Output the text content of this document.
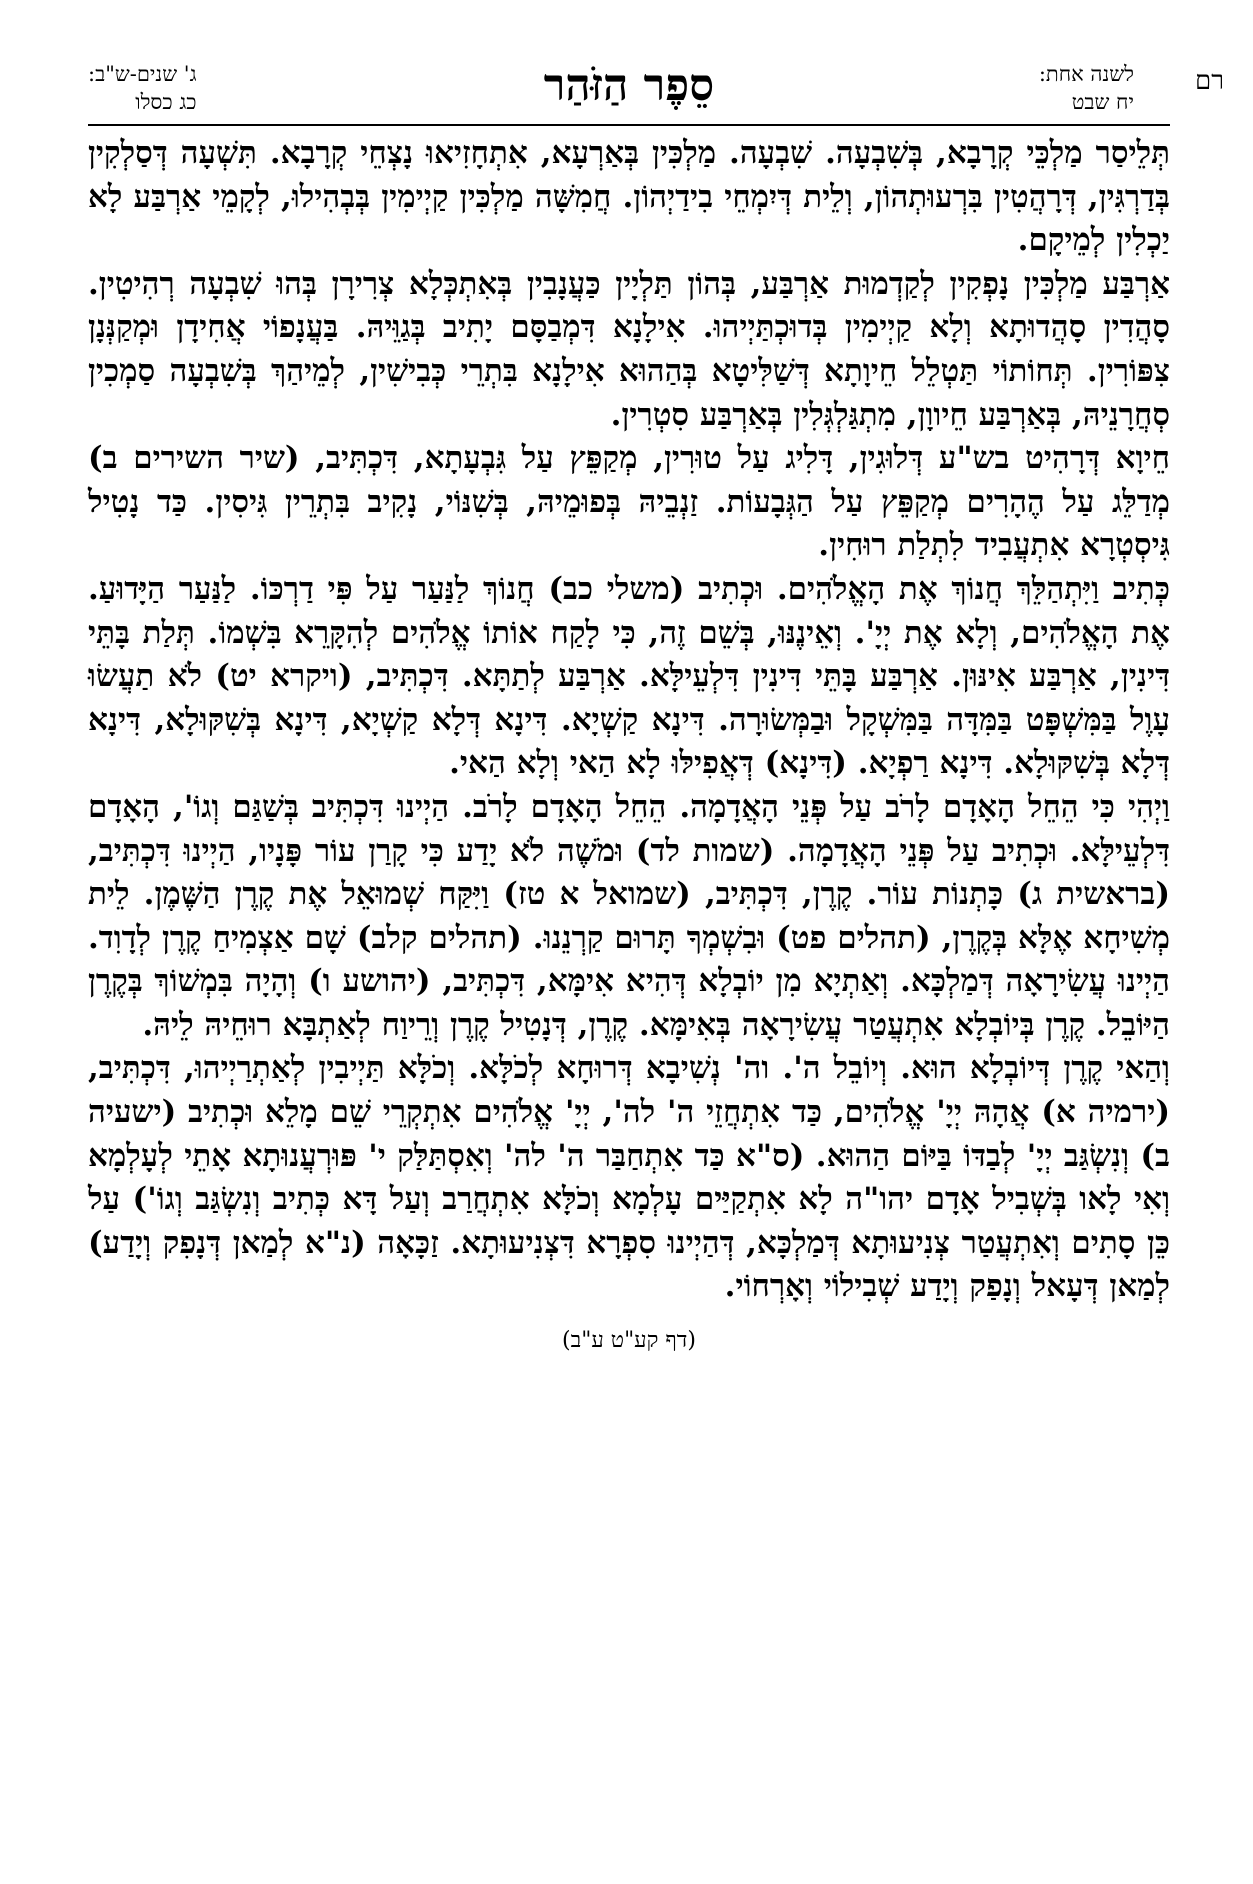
רם
לשנה אחת:
יח שבט
סֵפֶר הַזֹּהַר
ג' שנים-ש"ב:
כג כסלו

תְּלֵיסַר מַלְכֵּי קְרָבָא, בְּשִׁבְעָה. שִׁבְעָה. מַלְכִּין בְּאַרְעָא, אִתְחָזִיאוּ נָצְחֵי קְרָבָא. תִּשְׁעָה דְּסַלְקִין בְּדַרְגִּין, דְּרָהֲטִין בִּרְעוּתְהוֹן, וְלֵית דְּיִמְחֵי בִידַיְהוֹן. חֲמִשָּׁה מַלְכִּין קַיְימִין בְּבְהִילוּ, לְקָמֵי אַרְבַּע לָא יַכְלִין לְמֵיקָם.

אַרְבַּע מַלְכִּין נָפְקִין לְקַדְמוּת אַרְבַּע, בְּהוֹן תַּלְיָין כַּעֲנָבִין בְּאִתְכְּלָא צְרִירָן בְּהוּ שִׁבְעָה רְהִיטִין. סָהֲדִין סָהֲדוּתָא וְלָא קַיְימִין בְּדוּכְתַּיְיהוּ. אִילָנָא דִּמְבַסָּם יָתִיב בְּגַוֵּיהּ. בַּעֲנָפוֹי אֲחִידָן וּמְקַנְּנָן צִפּוֹרִין. תְּחוֹתוֹי תַּטְלֵל חֵיוָתָא דְּשַׁלִּיטָא בְּהַהוּא אִילָנָא בִּתְרֵי כְּבִישִׁין, לְמֵיהַךְ בְּשִׁבְעָה סַמְכִין סְחֲרָנֵיהּ, בְּאַרְבַּע חֵיווָן, מִתְגַּלְגְּלִין בְּאַרְבַּע סִטְרִין.

חֵיוָא דְּרָהִיט בש"ע דְּלוּגִין, דָּלִיג עַל טוּרִין, מְקַפֵּץ עַל גִּבְעָתָא, דִּכְתִּיב, (שיר השירים ב) מְדַלֵּג עַל הֶהָרִים מְקַפֵּץ עַל הַגְּבָעוֹת. זַנְבֵיהּ בְּפוּמֵיהּ, בְּשִׁנּוֹי, נָקִיב בִּתְרֵין גִּיסִין. כַּד נָטִיל גִּיסְטְרָא אִתְעֲבִיד לִתְלַת רוּחִין.

כְּתִיב וַיִּתְהַלֵּךְ חֲנוֹךְ אֶת הָאֱלֹהִים. וּכְתִיב (משלי כב) חֲנוֹךְ לַנַּעַר עַל פִּי דַרְכּוֹ. לַנַּעַר הַיָּדוּעַ. אֶת הָאֱלֹהִים, וְלָא אֶת יְיָ'. וְאֵינֶנּוּ, בְּשֵׁם זֶה, כִּי לָקַח אוֹתוֹ אֱלֹהִים לְהִקָּרֵא בִּשְׁמוֹ. תְּלַת בָּתֵּי דִּינִין, אַרְבַּע אִינּוּן. אַרְבַּע בָּתֵּי דִּינִין דִּלְעֵילָּא. אַרְבַּע לְתַתָּא. דִּכְתִּיב, (ויקרא יט) לֹא תַעֲשׂוּ עָוֶל בַּמִּשְׁפָּט בַּמִּדָּה בַּמִּשְׁקָל וּבַמְּשׂוּרָה. דִּינָא קַשְׁיָא. דִּינָא דְּלָא קַשְׁיָא, דִּינָא בְּשִׁקּוּלָא, דִּינָא דְּלָא בְּשִׁקּוּלָא. דִּינָא רַפְיָא. (דִּינָא) דְּאֲפִילּוּ לָא הַאי וְלָא הַאי.

וַיְהִי כִּי הֵחֵל הָאָדָם לָרֹב עַל פְּנֵי הָאֲדָמָה. הֵחֵל הָאָדָם לָרֹב. הַיְינוּ דִּכְתִּיב בְּשַׁגַּם וְגוֹ', הָאָדָם דִּלְעֵילָּא. וּכְתִיב עַל פְּנֵי הָאֲדָמָה. (שמות לד) וּמֹשֶׁה לֹא יָדַע כִּי קָרַן עוֹר פָּנָיו, הַיְינוּ דִּכְתִּיב, (בראשית ג) כָּתְנוֹת עוֹר. קֶרֶן, דִּכְתִּיב, (שמואל א טז) וַיִּקַּח שְׁמוּאֵל אֶת קֶרֶן הַשֶּׁמֶן. לֵית מְשִׁיחָא אֶלָּא בְּקֶרֶן, (תהלים פט) וּבִשְׁמְךָ תָּרוּם קַרְנֵנוּ. (תהלים קלב) שָׁם אַצְמִיחַ קֶרֶן לְדָוִד. הַיְינוּ עֲשִׂירָאָה דְּמַלְכָּא. וְאַתְיָא מִן יוֹבְלָא דְּהִיא אִימָּא, דִּכְתִּיב, (יהושע ו) וְהָיָה בִּמְשׁוֹךְ בְּקֶרֶן הַיּוֹבֵל. קֶרֶן בְּיוֹבְלָא אִתְעֲטַר עֲשִׂירָאָה בְּאִימָּא. קֶרֶן, דְּנָטִיל קֶרֶן וְרֵיוַח לְאַתְבָּא רוּחֵיהּ לֵיהּ.

וְהַאי קֶרֶן דְּיוֹבְלָא הוּא. וְיוֹבֵל ה'. וה' נְשִׁיבָא דְּרוּחָא לְכֹלָּא. וְכֹלָּא תַּיְיבִין לְאַתְרַיְיהוּ, דִּכְתִּיב, (ירמיה א) אֲהָהּ יְיָ' אֱלֹהִים, כַּד אִתְחֲזֵי ה' לה', יְיָ' אֱלֹהִים אִתְקְרֵי שֵׁם מָלֵא וּכְתִיב (ישעיה ב) וְנִשְׂגַּב יְיָ' לְבַדּוֹ בַּיּוֹם הַהוּא. (ס"א כַּד אִתְחַבַּר ה' לה' וְאִסְתַּלַּק י' פּוּרְעֲנוּתָא אָתֵי לְעָלְמָא וְאִי לָאו בְּשְׁבִיל אָדָם יהו"ה לָא אִתְקַיַּים עָלְמָא וְכֹלָּא אִתְחֲרַב וְעַל דָּא כְּתִיב וְנִשְׂגַּב וְגוֹ') עַל כֵּן סָתִים וְאִתְעֲטַר צְנִיעוּתָא דְּמַלְכָּא, דְּהַיְינוּ סִפְרָא דִּצְנִיעוּתָא. זַכָּאָה (נ"א לְמַאן דְּנָפִק וְיָדַע) לְמַאן דְּעָאל וְנָפַק וְיָדַע שְׁבִילוֹי וְאָרְחוֹי.

(דף קע"ט ע"ב)
